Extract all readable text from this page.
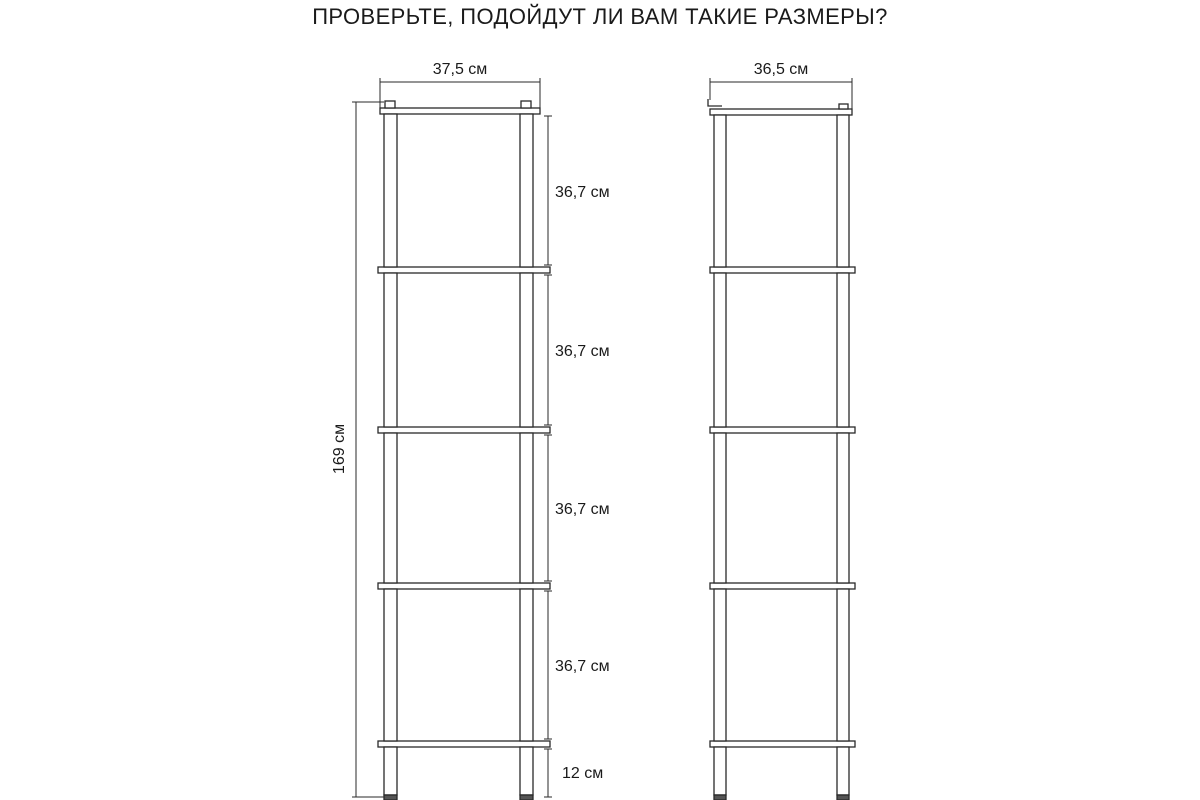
ПРОВЕРЬТЕ, ПОДОЙДУТ ЛИ ВАМ ТАКИЕ РАЗМЕРЫ?
37,5 см
169 см
36,7 см
36,7 см
36,7 см
36,7 см
12 см
36,5 см
